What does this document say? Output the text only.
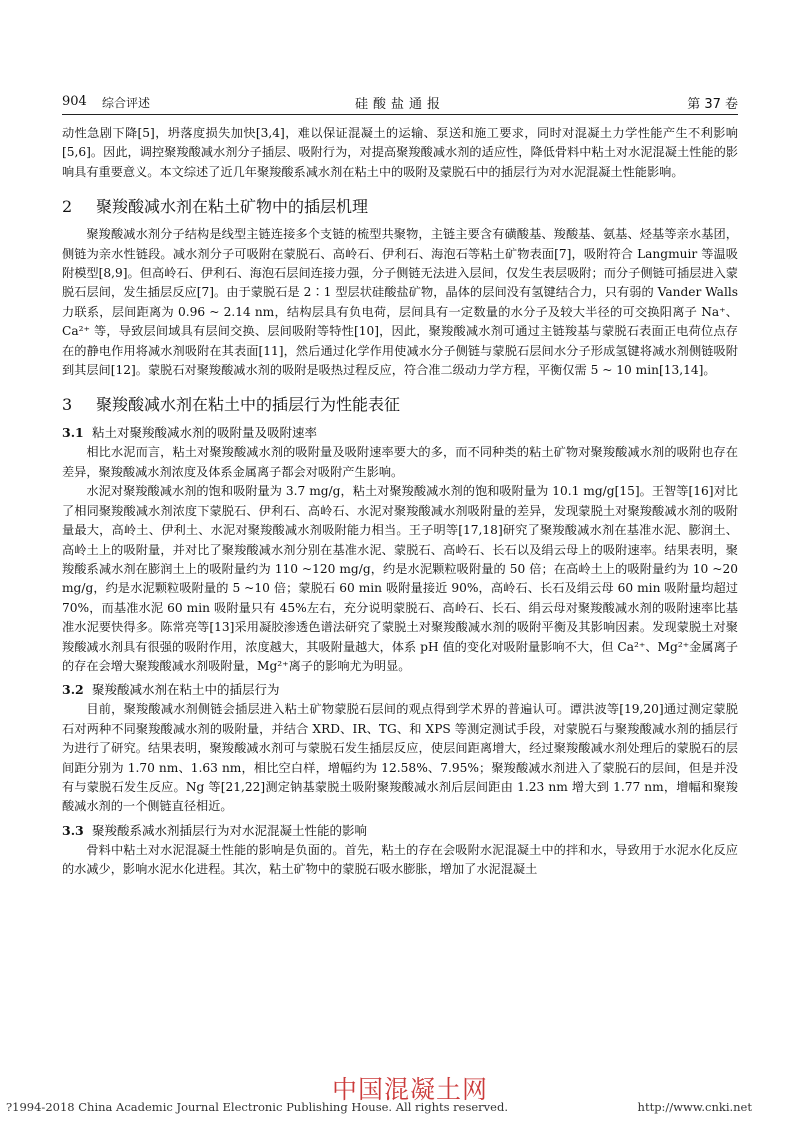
904 综合评述	硅酸盐通报	第 37 卷

动性急剧下降[5]，坍落度损失加快[3,4]，难以保证混凝土的运输、泵送和施工要求，同时对混凝土力学性能产生不利影响[5,6]。因此，调控聚羧酸减水剂分子插层、吸附行为，对提高聚羧酸减水剂的适应性，降低骨料中粘土对水泥混凝土性能的影响具有重要意义。本文综述了近几年聚羧酸系减水剂在粘土中的吸附及蒙脱石中的插层行为对水泥混凝土性能影响。

2 聚羧酸减水剂在粘土矿物中的插层机理

聚羧酸减水剂分子结构是线型主链连接多个支链的梳型共聚物，主链主要含有磺酸基、羧酸基、氨基、烃基等亲水基团，侧链为亲水性链段。减水剂分子可吸附在蒙脱石、高岭石、伊利石、海泡石等粘土矿物表面[7]，吸附符合 Langmuir 等温吸附模型[8,9]。但高岭石、伊利石、海泡石层间连接力强，分子侧链无法进入层间，仅发生表层吸附；而分子侧链可插层进入蒙脱石层间，发生插层反应[7]。由于蒙脱石是 2∶1 型层状硅酸盐矿物，晶体的层间没有氢键结合力，只有弱的 Vander Walls 力联系，层间距离为 0.96 ~ 2.14 nm，结构层具有负电荷，层间具有一定数量的水分子及较大半径的可交换阳离子 Na⁺、Ca²⁺ 等，导致层间域具有层间交换、层间吸附等特性[10]，因此，聚羧酸减水剂可通过主链羧基与蒙脱石表面正电荷位点存在的静电作用将减水剂吸附在其表面[11]，然后通过化学作用使减水分子侧链与蒙脱石层间水分子形成氢键将减水剂侧链吸附到其层间[12]。蒙脱石对聚羧酸减水剂的吸附是吸热过程反应，符合准二级动力学方程，平衡仅需 5 ~ 10 min[13,14]。

3 聚羧酸减水剂在粘土中的插层行为性能表征
3.1 粘土对聚羧酸减水剂的吸附量及吸附速率

相比水泥而言，粘土对聚羧酸减水剂的吸附量及吸附速率要大的多，而不同种类的粘土矿物对聚羧酸减水剂的吸附也存在差异，聚羧酸减水剂浓度及体系金属离子都会对吸附产生影响。

水泥对聚羧酸减水剂的饱和吸附量为 3.7 mg/g，粘土对聚羧酸减水剂的饱和吸附量为 10.1 mg/g[15]。王智等[16]对比了相同聚羧酸减水剂浓度下蒙脱石、伊利石、高岭石、水泥对聚羧酸减水剂吸附量的差异，发现蒙脱土对聚羧酸减水剂的吸附量最大，高岭土、伊利土、水泥对聚羧酸减水剂吸附能力相当。王子明等[17,18]研究了聚羧酸减水剂在基准水泥、膨润土、高岭土上的吸附量，并对比了聚羧酸减水剂分别在基准水泥、蒙脱石、高岭石、长石以及绢云母上的吸附速率。结果表明，聚羧酸系减水剂在膨润土上的吸附量约为 110 ~120 mg/g，约是水泥颗粒吸附量的 50 倍；在高岭土上的吸附量约为 10 ~20 mg/g，约是水泥颗粒吸附量的 5 ~10 倍；蒙脱石 60 min 吸附量接近 90%，高岭石、长石及绢云母 60 min 吸附量均超过 70%，而基准水泥 60 min 吸附量只有 45%左右，充分说明蒙脱石、高岭石、长石、绢云母对聚羧酸减水剂的吸附速率比基准水泥要快得多。陈常亮等[13]采用凝胶渗透色谱法研究了蒙脱土对聚羧酸减水剂的吸附平衡及其影响因素。发现蒙脱土对聚羧酸减水剂具有很强的吸附作用，浓度越大，其吸附量越大，体系 pH 值的变化对吸附量影响不大，但 Ca²⁺、Mg²⁺金属离子的存在会增大聚羧酸减水剂吸附量，Mg²⁺离子的影响尤为明显。

3.2 聚羧酸减水剂在粘土中的插层行为

目前，聚羧酸减水剂侧链会插层进入粘土矿物蒙脱石层间的观点得到学术界的普遍认可。谭洪波等[19,20]通过测定蒙脱石对两种不同聚羧酸减水剂的吸附量，并结合 XRD、IR、TG、和 XPS 等测定测试手段，对蒙脱石与聚羧酸减水剂的插层行为进行了研究。结果表明，聚羧酸减水剂可与蒙脱石发生插层反应，使层间距离增大，经过聚羧酸减水剂处理后的蒙脱石的层间距分别为 1.70 nm、1.63 nm，相比空白样，增幅约为 12.58%、7.95%；聚羧酸减水剂进入了蒙脱石的层间，但是并没有与蒙脱石发生反应。Ng 等[21,22]测定钠基蒙脱土吸附聚羧酸减水剂后层间距由 1.23 nm 增大到 1.77 nm，增幅和聚羧酸减水剂的一个侧链直径相近。

3.3 聚羧酸系减水剂插层行为对水泥混凝土性能的影响

骨料中粘土对水泥混凝土性能的影响是负面的。首先，粘土的存在会吸附水泥混凝土中的拌和水，导致用于水泥水化反应的水减少，影响水泥水化进程。其次，粘土矿物中的蒙脱石吸水膨胀，增加了水泥混凝土

中国混凝土网
?1994-2018 China Academic Journal Electronic Publishing House. All rights reserved.	http://www.cnki.net
